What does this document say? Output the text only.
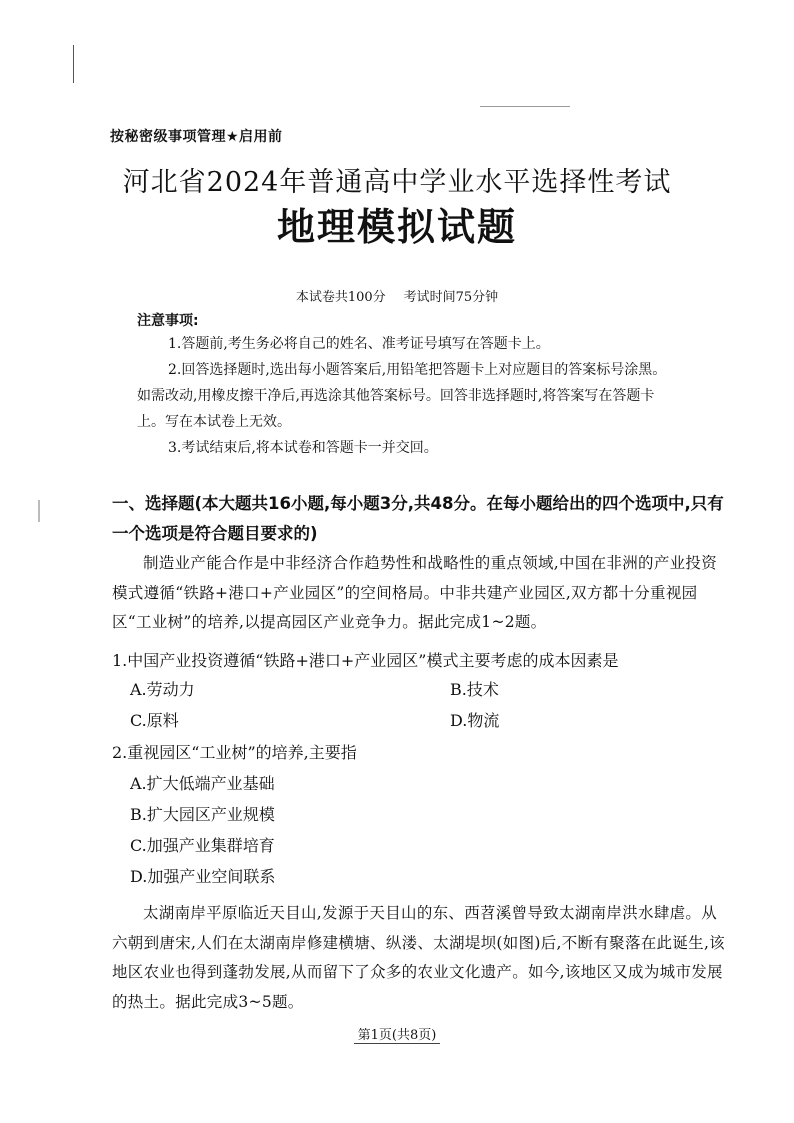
按秘密级事项管理★启用前
河北省2024年普通高中学业水平选择性考试
地理模拟试题
本试卷共100分 考试时间75分钟
注意事项:
1.答题前,考生务必将自己的姓名、准考证号填写在答题卡上。
2.回答选择题时,选出每小题答案后,用铅笔把答题卡上对应题目的答案标号涂黑。
如需改动,用橡皮擦干净后,再选涂其他答案标号。回答非选择题时,将答案写在答题卡
上。写在本试卷上无效。
3.考试结束后,将本试卷和答题卡一并交回。
一、选择题(本大题共16小题,每小题3分,共48分。在每小题给出的四个选项中,只有一个选项是符合题目要求的)
制造业产能合作是中非经济合作趋势性和战略性的重点领域,中国在非洲的产业投资模式遵循“铁路+港口+产业园区”的空间格局。中非共建产业园区,双方都十分重视园区“工业树”的培养,以提高园区产业竞争力。据此完成1~2题。
1.中国产业投资遵循“铁路+港口+产业园区”模式主要考虑的成本因素是
A.劳动力	B.技术
C.原料	D.物流
2.重视园区“工业树”的培养,主要指
A.扩大低端产业基础
B.扩大园区产业规模
C.加强产业集群培育
D.加强产业空间联系
太湖南岸平原临近天目山,发源于天目山的东、西苕溪曾导致太湖南岸洪水肆虐。从六朝到唐宋,人们在太湖南岸修建横塘、纵溇、太湖堤坝(如图)后,不断有聚落在此诞生,该地区农业也得到蓬勃发展,从而留下了众多的农业文化遗产。如今,该地区又成为城市发展的热土。据此完成3~5题。
第1页(共8页)
